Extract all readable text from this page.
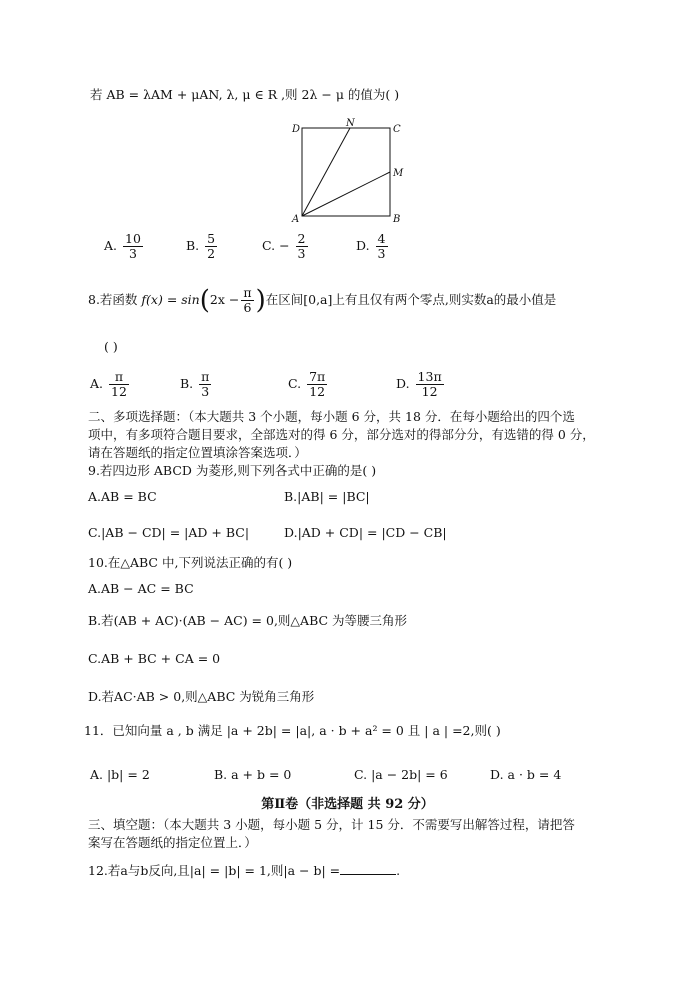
若 AB = λAM + μAN, λ, μ ∈ R ,则 2λ − μ 的值为( )
D
N
C
M
A	B
A. $\frac{10}{3}$	B. $\frac{5}{2}$	C. − $\frac{2}{3}$	D. $\frac{4}{3}$
8.若函数 $f(x) = \sin(2x - \frac{\pi}{6}$ )在区间[0,a]上有且仅有两个零点,则实数a的最小值是
( )
A. $\frac{\pi}{12}$	B. $\frac{\pi}{3}$	C. $\frac{7\pi}{12}$	D. $\frac{13\pi}{12}$
二、多项选择题：（本大题共 3 个小题，每小题 6 分，共 18 分．在每小题给出的四个选
项中，有多项符合题目要求，全部选对的得 6 分，部分选对的得部分分，有选错的得 0 分，
请在答题纸的指定位置填涂答案选项．）
9.若四边形 ABCD 为菱形,则下列各式中正确的是( )
A.AB = BC	B.|AB| = |BC|
C.|AB − CD| = |AD + BC|	D.|AD + CD| = |CD − CB|
10.在△ABC 中,下列说法正确的有( )
A.AB − AC = BC
B.若(AB + AC)·(AB − AC) = 0,则△ABC 为等腰三角形
C.AB + BC + CA = 0
D.若AC·AB > 0,则△ABC 为锐角三角形
11．已知向量 a , b 满足 |a + 2b| = |a|, a · b + a² = 0 且 | a | =2,则( )
A. |b| = 2	B. a + b = 0	C. |a − 2b| = 6	D. a · b = 4
第Ⅱ卷（非选择题 共 92 分）
三、填空题：（本大题共 3 小题，每小题 5 分，计 15 分．不需要写出解答过程，请把答
案写在答题纸的指定位置上．）
12.若a与b反向,且|a| = |b| = 1,则|a − b| =	.
